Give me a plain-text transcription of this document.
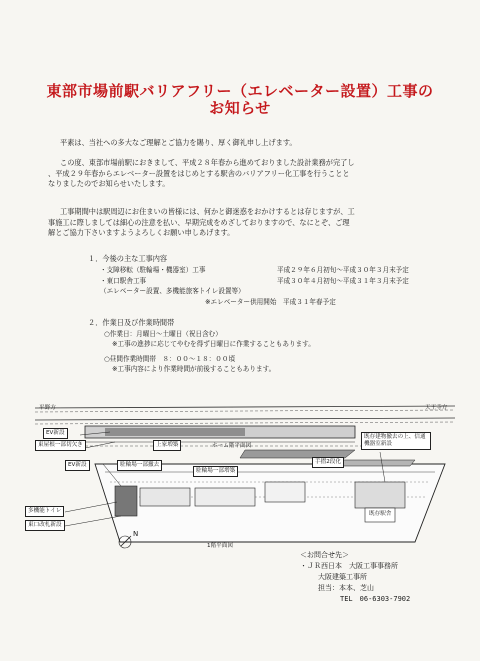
東部市場前駅バリアフリー（エレベーター設置）工事の
お知らせ
平素は、当社への多大なご理解とご協力を賜り、厚く御礼申し上げます。
この度、東部市場前駅におきまして、平成２８年春から進めておりました設計業務が完了し
、平成２９年春からエレベーター設置をはじめとする駅舎のバリアフリー化工事を行うことと
なりましたのでお知らせいたします。
工事期間中は駅周辺にお住まいの皆様には、何かと御迷惑をおかけするとは存じますが、工
事施工に際しましては細心の注意を払い、早期完成をめざしておりますので、なにとぞ、ご理
解とご協力下さいますようよろしくお願い申しあげます。
１．今後の主な工事内容
・支障移転（駐輪場・機器室）工事	平成２９年６月初旬～平成３０年３月末予定
・東口駅舎工事	平成３０年４月初旬～平成３１年３月末予定
（エレベーター設置、多機能旅客トイレ設置等）
※エレベーター供用開始　平成３１年春予定
２．作業日及び作業時間帯
○作業日：月曜日～土曜日（祝日含む）
※工事の進捗に応じてやむを得ず日曜日に作業することもあります。
○昼間作業時間帯　８：００～１８：００頃
※工事内容により作業時間が前後することもあります。
平野方	天王寺方
EV新設
東屋根一部切欠き	上家増築	ホーム階平面図
既存建物撤去の上、信通機器室新設
手摺2段化
EV新設	駐輪場一部撤去
駐輪場一部増築
既存駅舎
多機能トイレ
東口改札新設
1階平面図
N
＜お問合せ先＞
・ＪＲ西日本　大阪工事事務所
大阪建築工事所
担当：本本、芝山
TEL　06-6303-7902
